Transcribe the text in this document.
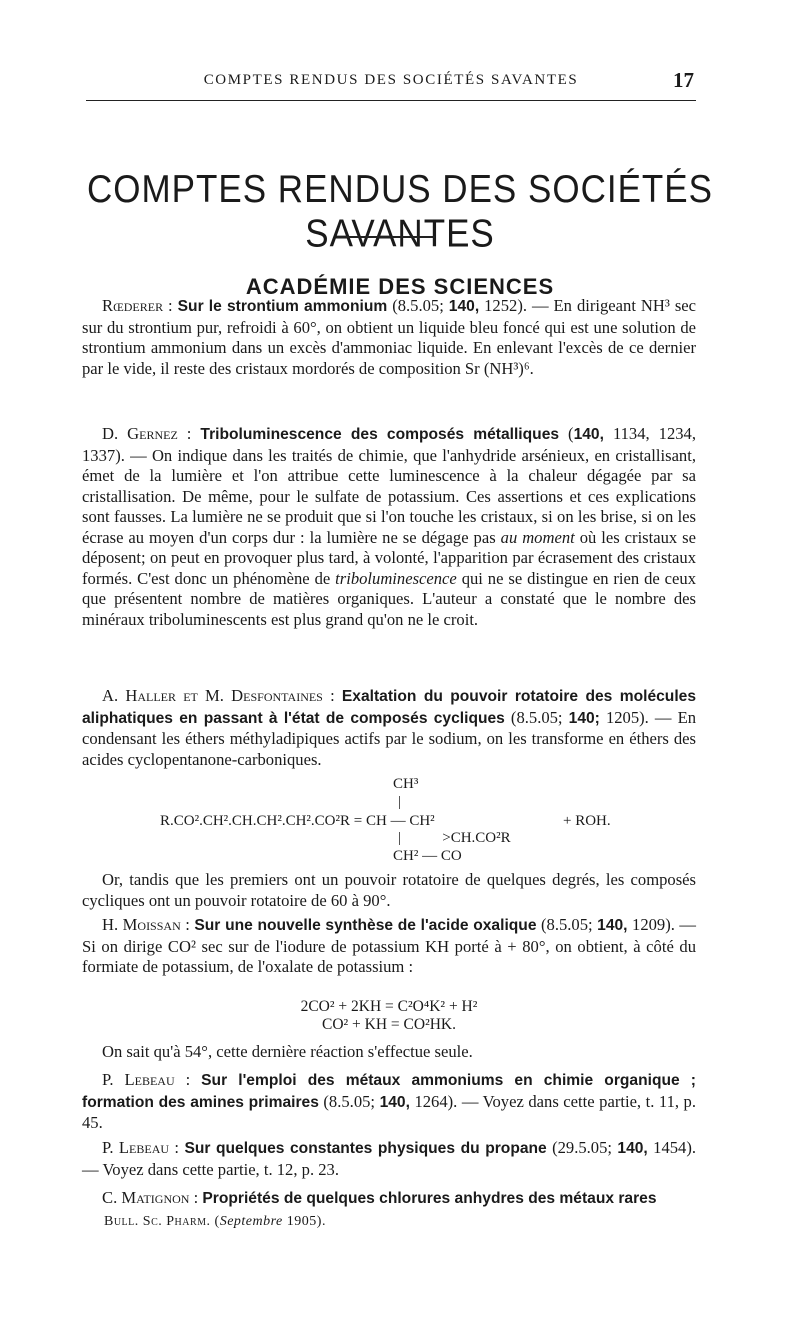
COMPTES RENDUS DES SOCIÉTÉS SAVANTES	17
COMPTES RENDUS DES SOCIÉTÉS SAVANTES
ACADÉMIE DES SCIENCES

Rœderer : Sur le strontium ammonium (8.5.05; 140, 1252). — En dirigeant NH³ sec sur du strontium pur, refroidi à 60°, on obtient un liquide bleu foncé qui est une solution de strontium ammonium dans un excès d'ammoniac liquide. En enlevant l'excès de ce dernier par le vide, il reste des cristaux mordorés de composition Sr (NH³)⁶.

D. Gernez : Triboluminescence des composés métalliques (140, 1134, 1234, 1337). — On indique dans les traités de chimie, que l'anhydride arsénieux, en cristallisant, émet de la lumière et l'on attribue cette luminescence à la chaleur dégagée par sa cristallisation. De même, pour le sulfate de potassium. Ces assertions et ces explications sont fausses. La lumière ne se produit que si l'on touche les cristaux, si on les brise, si on les écrase au moyen d'un corps dur : la lumière ne se dégage pas au moment où les cristaux se déposent; on peut en provoquer plus tard, à volonté, l'apparition par écrasement des cristaux formés. C'est donc un phénomène de triboluminescence qui ne se distingue en rien de ceux que présentent nombre de matières organiques. L'auteur a constaté que le nombre des minéraux triboluminescents est plus grand qu'on ne le croit.

A. Haller et M. Desfontaines : Exaltation du pouvoir rotatoire des molécules aliphatiques en passant à l'état de composés cycliques (8.5.05; 140; 1205). — En condensant les éthers méthyladipiques actifs par le sodium, on les transforme en éthers des acides cyclopentanone-carboniques.

CH³
|
R.CO².CH².CH.CH².CH².CO²R = CH — CH²	+ ROH.
|           >CH.CO²R
CH² — CO

Or, tandis que les premiers ont un pouvoir rotatoire de quelques degrés, les composés cycliques ont un pouvoir rotatoire de 60 à 90°.

H. Moissan : Sur une nouvelle synthèse de l'acide oxalique (8.5.05; 140, 1209). — Si on dirige CO² sec sur de l'iodure de potassium KH porté à + 80°, on obtient, à côté du formiate de potassium, de l'oxalate de potassium :

2CO² + 2KH = C²O⁴K² + H²
CO² + KH = CO²HK.

On sait qu'à 54°, cette dernière réaction s'effectue seule.

P. Lebeau : Sur l'emploi des métaux ammoniums en chimie organique ; formation des amines primaires (8.5.05; 140, 1264). — Voyez dans cette partie, t. 11, p. 45.

P. Lebeau : Sur quelques constantes physiques du propane (29.5.05; 140, 1454). — Voyez dans cette partie, t. 12, p. 23.

C. Matignon : Propriétés de quelques chlorures anhydres des métaux rares

Bull. Sc. Pharm. (Septembre 1905).
